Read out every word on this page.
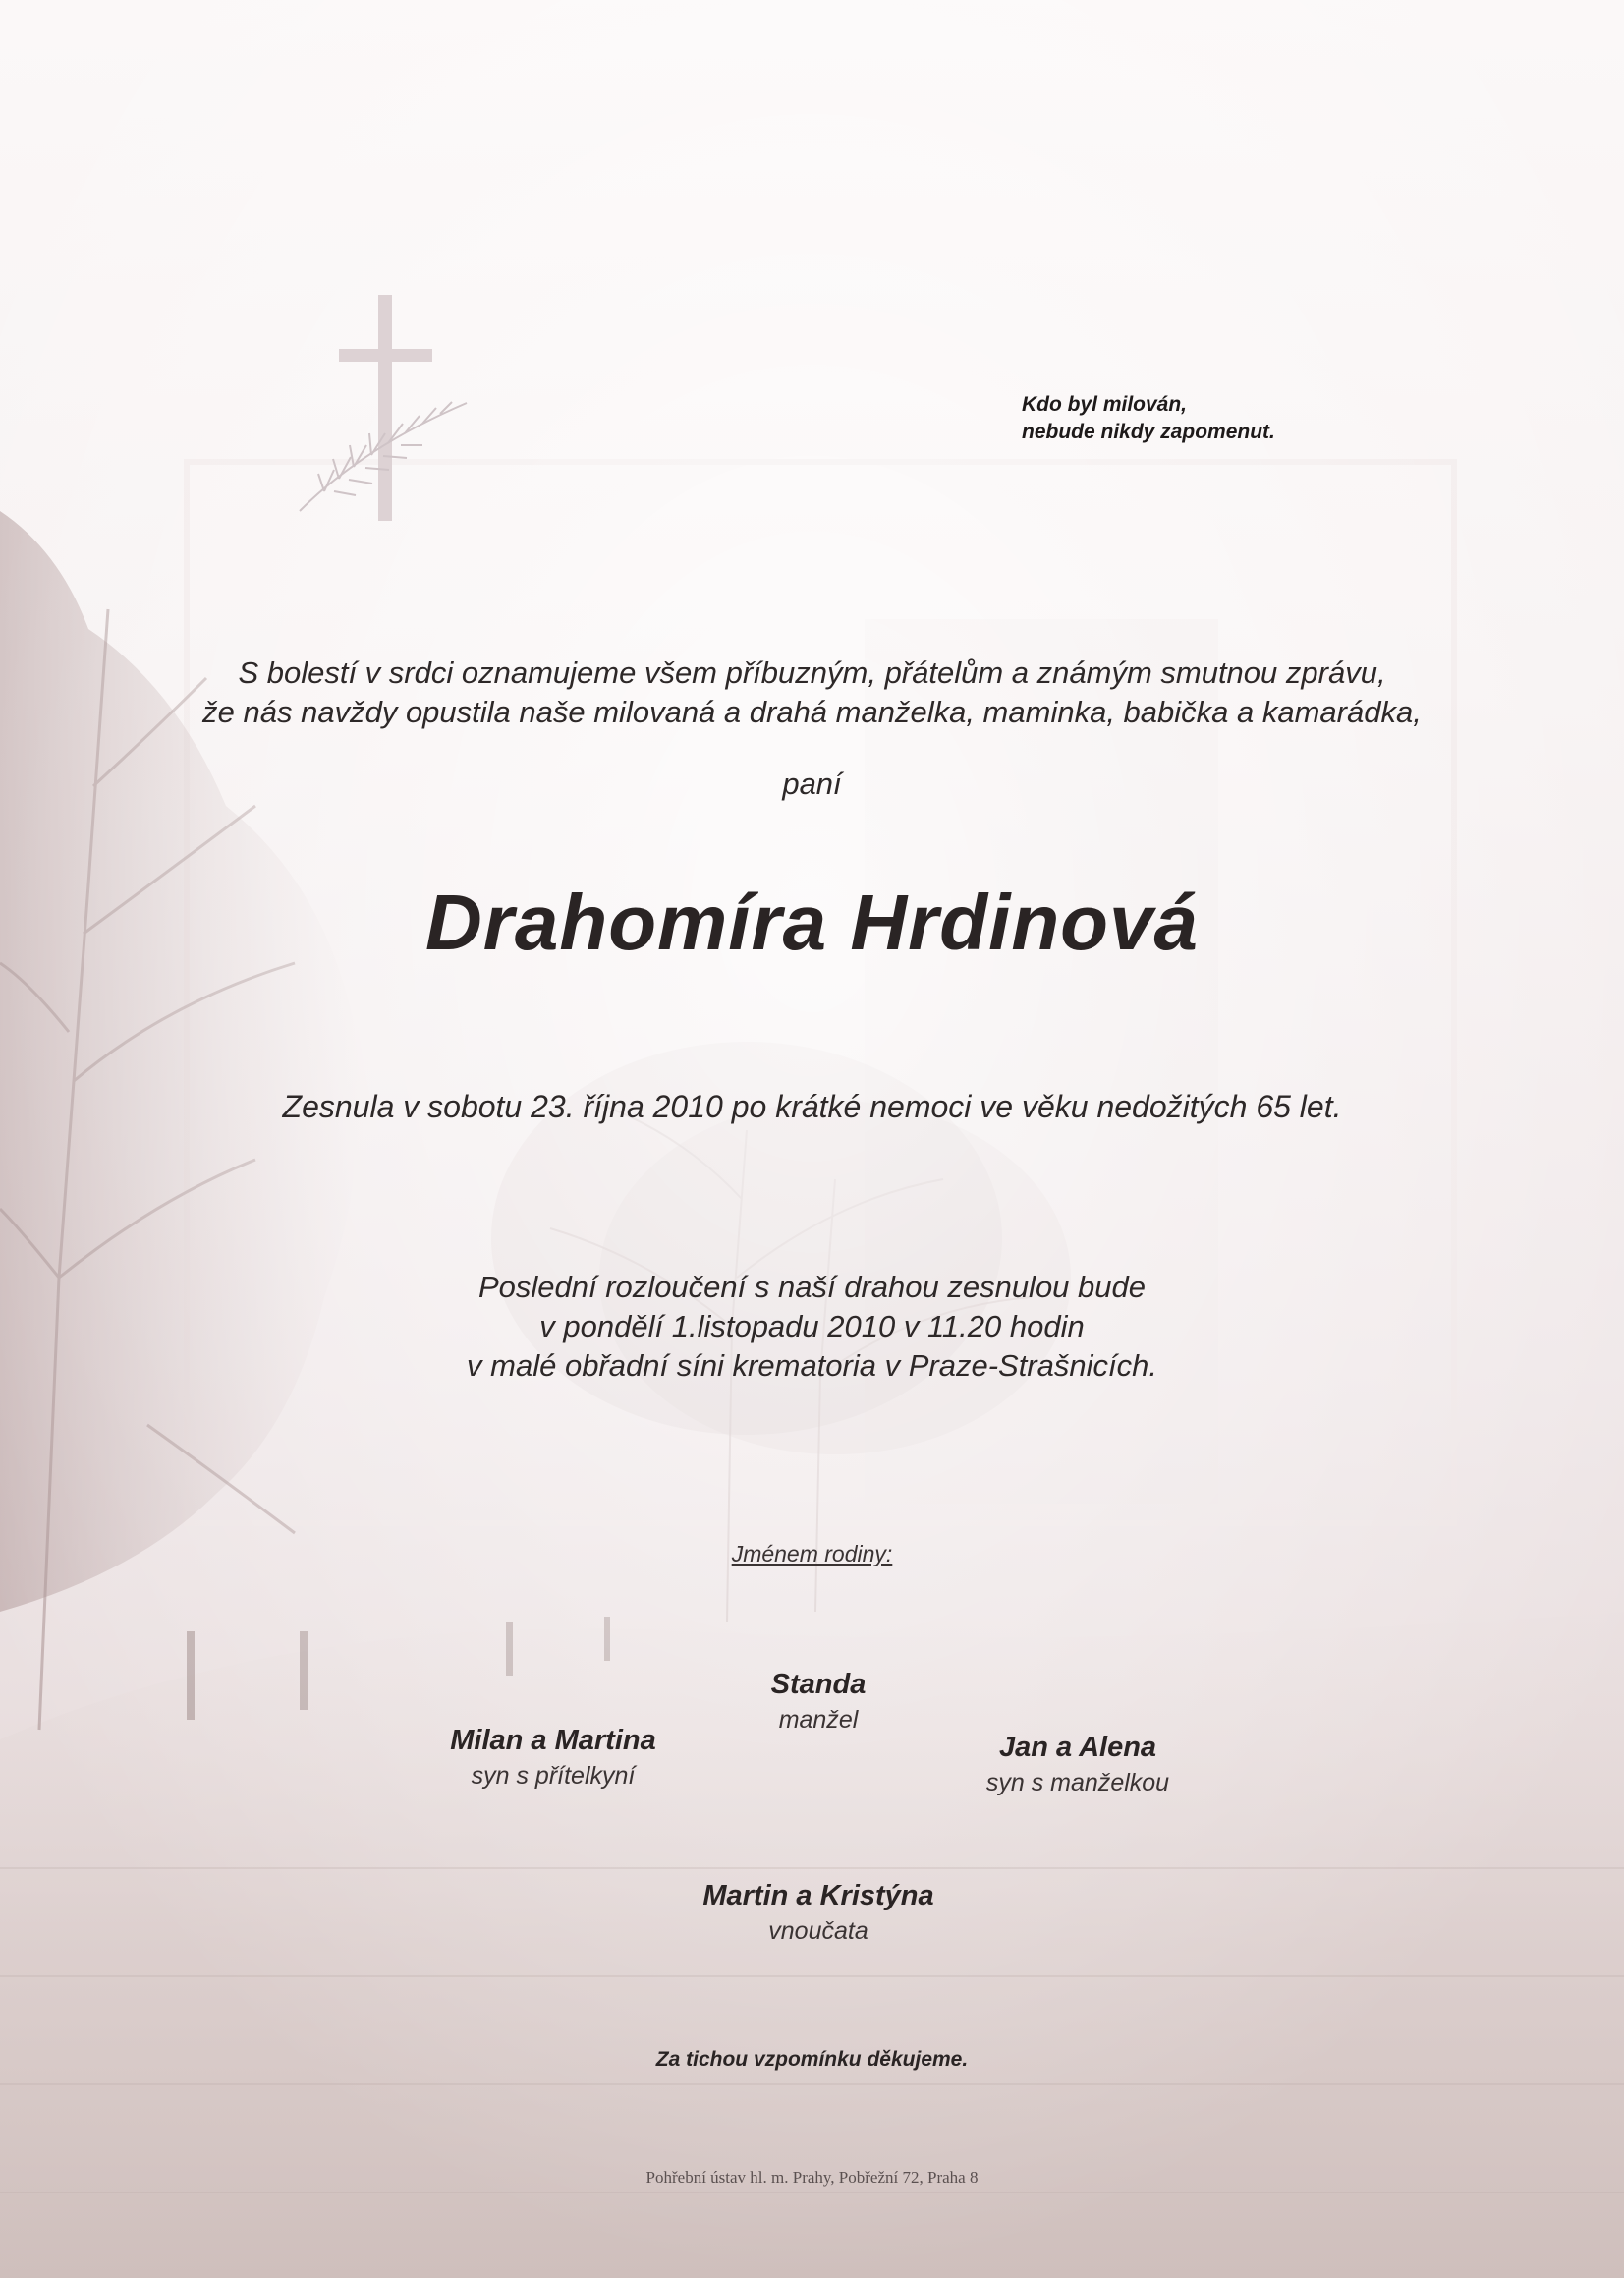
Kdo byl milován,
nebude nikdy zapomenut.
S bolestí v srdci oznamujeme všem příbuzným, přátelům a známým smutnou zprávu,
že nás navždy opustila naše milovaná a drahá manželka, maminka, babička a kamarádka,
paní
Drahomíra Hrdinová
Zesnula v sobotu 23. října 2010 po krátké nemoci ve věku nedožitých 65 let.
Poslední rozloučení s naší drahou zesnulou bude
v pondělí 1.listopadu 2010 v 11.20 hodin
v malé obřadní síni krematoria v Praze-Strašnicích.
Jménem rodiny:
Standa
manžel
Milan a Martina
syn s přítelkyní
Jan a Alena
syn s manželkou
Martin a Kristýna
vnoučata
Za tichou vzpomínku děkujeme.
Pohřební ústav hl. m. Prahy, Pobřežní 72, Praha 8
